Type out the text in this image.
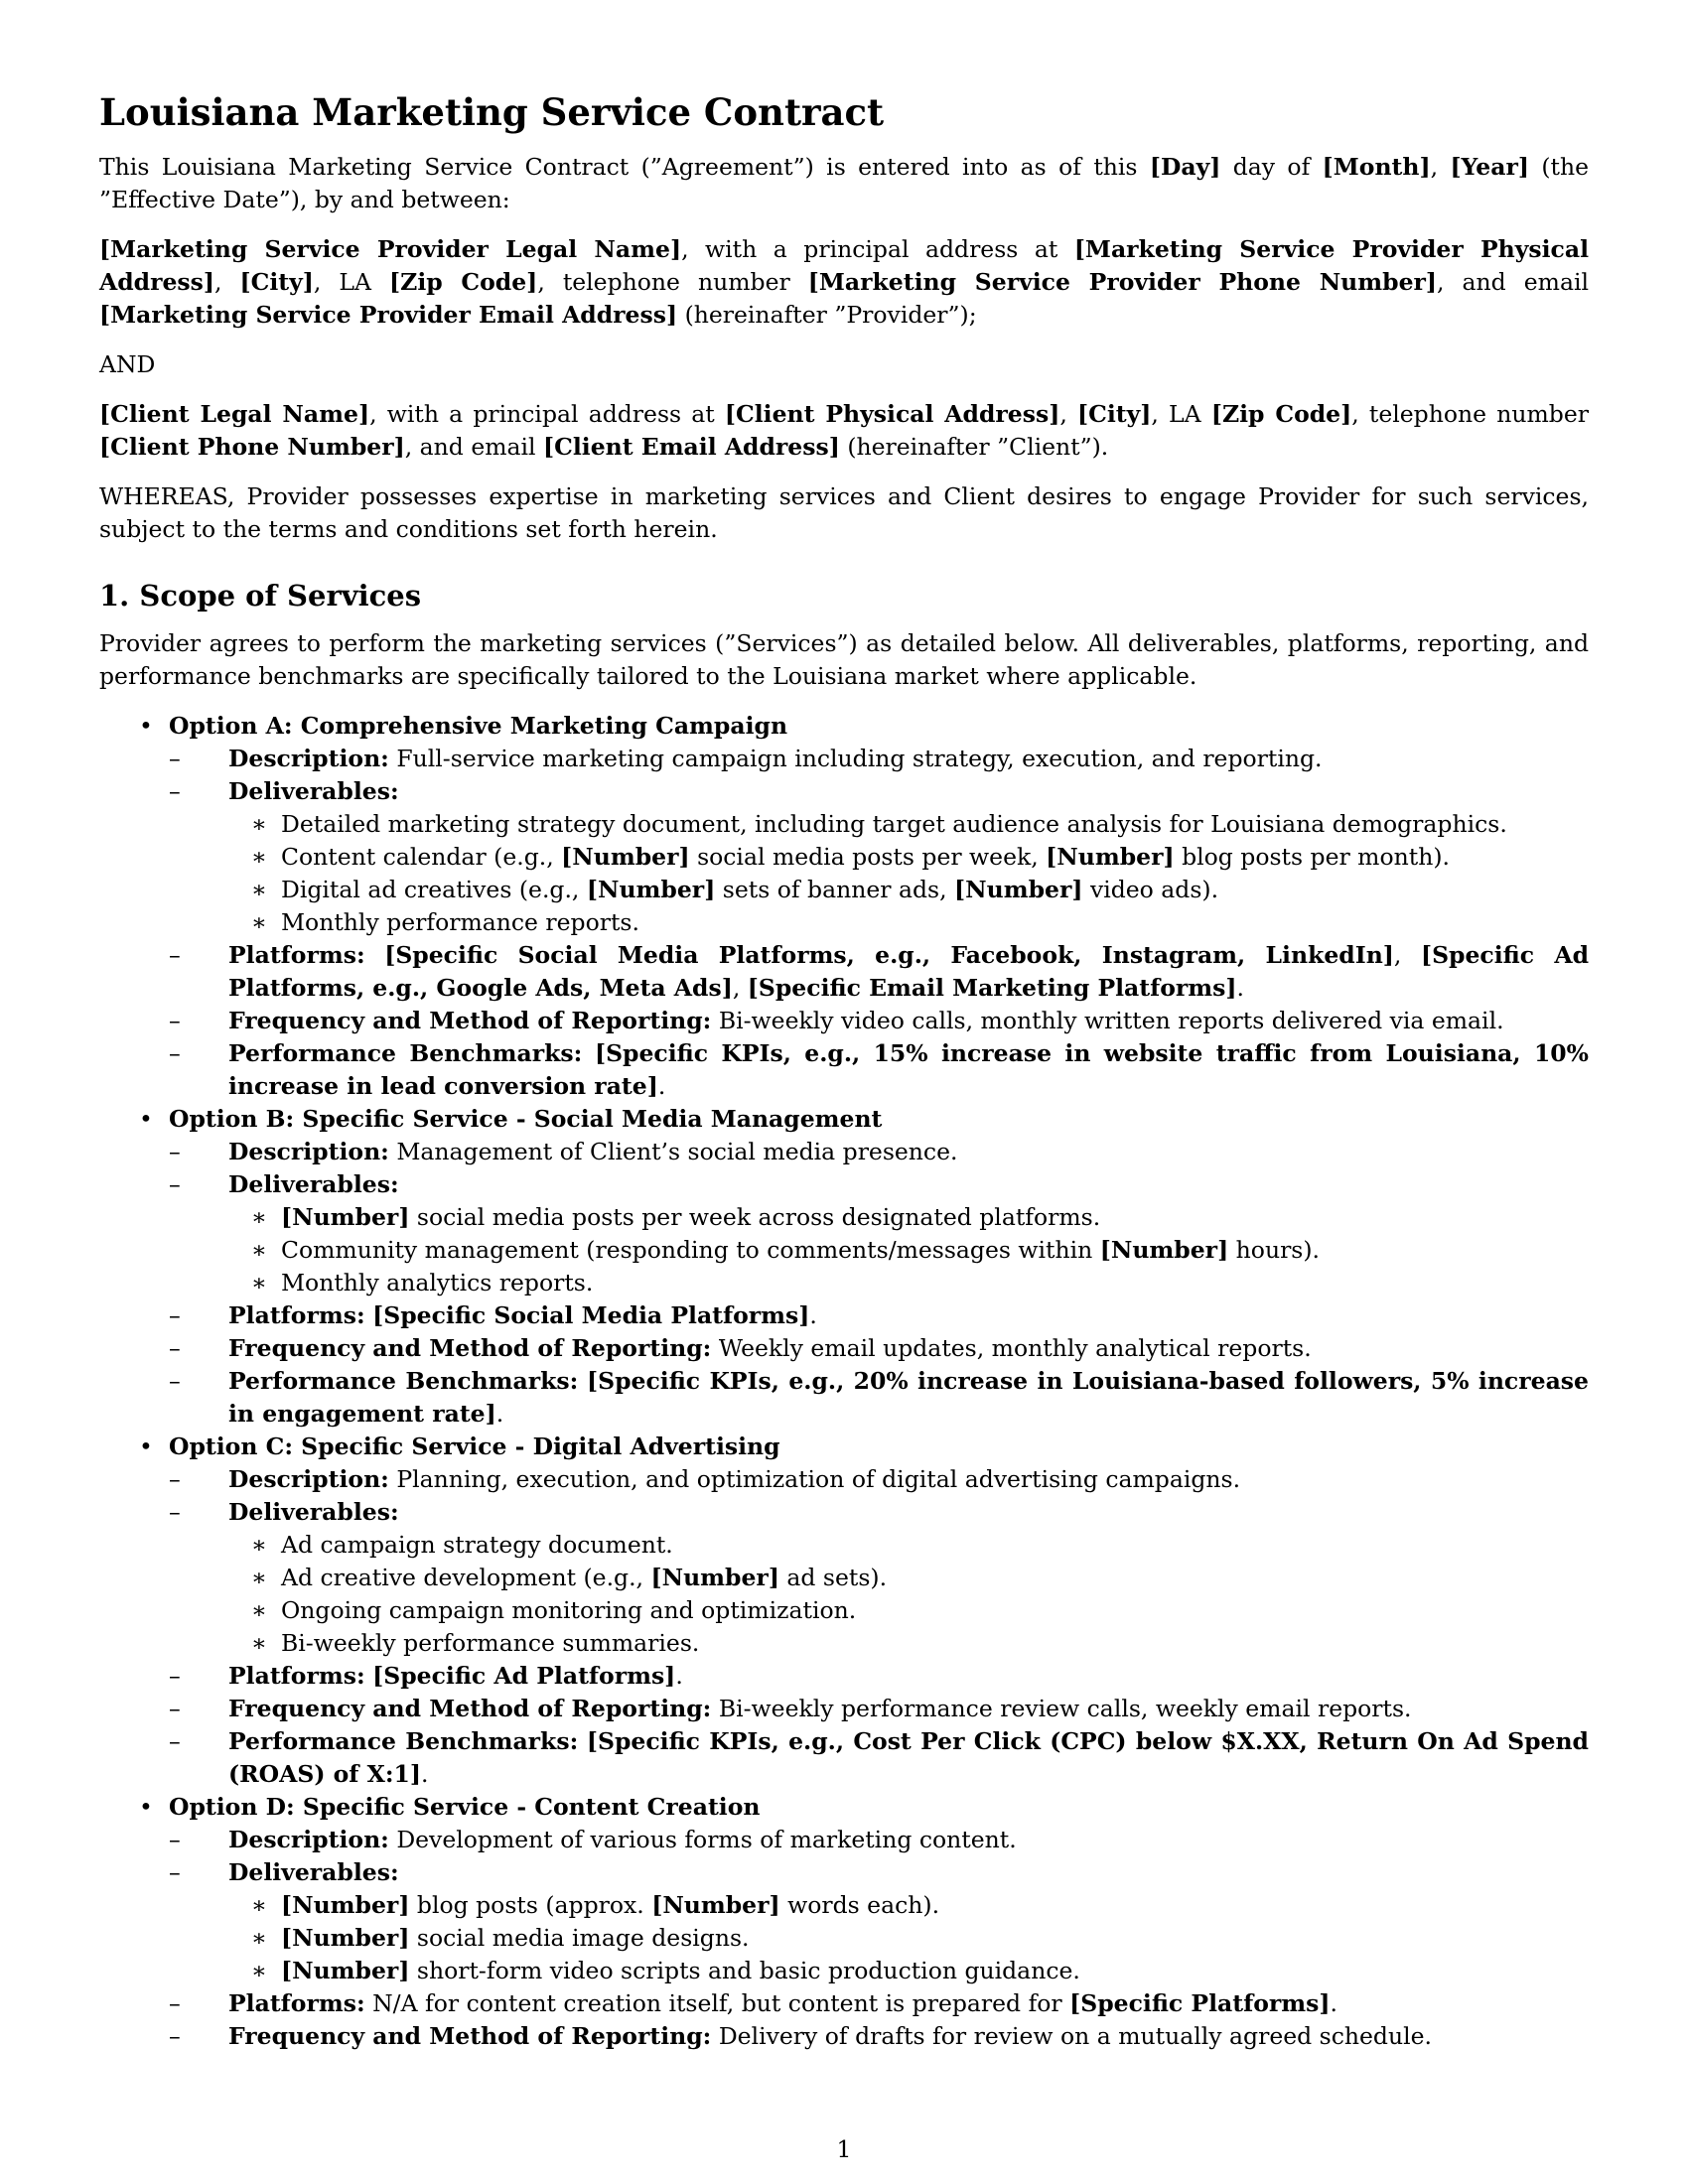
Louisiana Marketing Service Contract

This Louisiana Marketing Service Contract (”Agreement”) is entered into as of this [Day] day of [Month], [Year] (the ”Effective Date”), by and between:

[Marketing Service Provider Legal Name], with a principal address at [Marketing Service Provider Physical Address], [City], LA [Zip Code], telephone number [Marketing Service Provider Phone Number], and email [Marketing Service Provider Email Address] (hereinafter ”Provider”);

AND

[Client Legal Name], with a principal address at [Client Physical Address], [City], LA [Zip Code], telephone number [Client Phone Number], and email [Client Email Address] (hereinafter ”Client”).

WHEREAS, Provider possesses expertise in marketing services and Client desires to engage Provider for such services, subject to the terms and conditions set forth herein.

1. Scope of Services

Provider agrees to perform the marketing services (”Services”) as detailed below. All deliverables, platforms, reporting, and performance benchmarks are specifically tailored to the Louisiana market where applicable.

• Option A: Comprehensive Marketing Campaign
– Description: Full-service marketing campaign including strategy, execution, and reporting.
– Deliverables:
∗ Detailed marketing strategy document, including target audience analysis for Louisiana demographics.
∗ Content calendar (e.g., [Number] social media posts per week, [Number] blog posts per month).
∗ Digital ad creatives (e.g., [Number] sets of banner ads, [Number] video ads).
∗ Monthly performance reports.
– Platforms: [Specific Social Media Platforms, e.g., Facebook, Instagram, LinkedIn], [Specific Ad Platforms, e.g., Google Ads, Meta Ads], [Specific Email Marketing Platforms].
– Frequency and Method of Reporting: Bi-weekly video calls, monthly written reports delivered via email.
– Performance Benchmarks: [Specific KPIs, e.g., 15% increase in website traffic from Louisiana, 10% increase in lead conversion rate].
• Option B: Specific Service - Social Media Management
– Description: Management of Client’s social media presence.
– Deliverables:
∗ [Number] social media posts per week across designated platforms.
∗ Community management (responding to comments/messages within [Number] hours).
∗ Monthly analytics reports.
– Platforms: [Specific Social Media Platforms].
– Frequency and Method of Reporting: Weekly email updates, monthly analytical reports.
– Performance Benchmarks: [Specific KPIs, e.g., 20% increase in Louisiana-based followers, 5% increase in engagement rate].
• Option C: Specific Service - Digital Advertising
– Description: Planning, execution, and optimization of digital advertising campaigns.
– Deliverables:
∗ Ad campaign strategy document.
∗ Ad creative development (e.g., [Number] ad sets).
∗ Ongoing campaign monitoring and optimization.
∗ Bi-weekly performance summaries.
– Platforms: [Specific Ad Platforms].
– Frequency and Method of Reporting: Bi-weekly performance review calls, weekly email reports.
– Performance Benchmarks: [Specific KPIs, e.g., Cost Per Click (CPC) below $X.XX, Return On Ad Spend (ROAS) of X:1].
• Option D: Specific Service - Content Creation
– Description: Development of various forms of marketing content.
– Deliverables:
∗ [Number] blog posts (approx. [Number] words each).
∗ [Number] social media image designs.
∗ [Number] short-form video scripts and basic production guidance.
– Platforms: N/A for content creation itself, but content is prepared for [Specific Platforms].
– Frequency and Method of Reporting: Delivery of drafts for review on a mutually agreed schedule.
1
